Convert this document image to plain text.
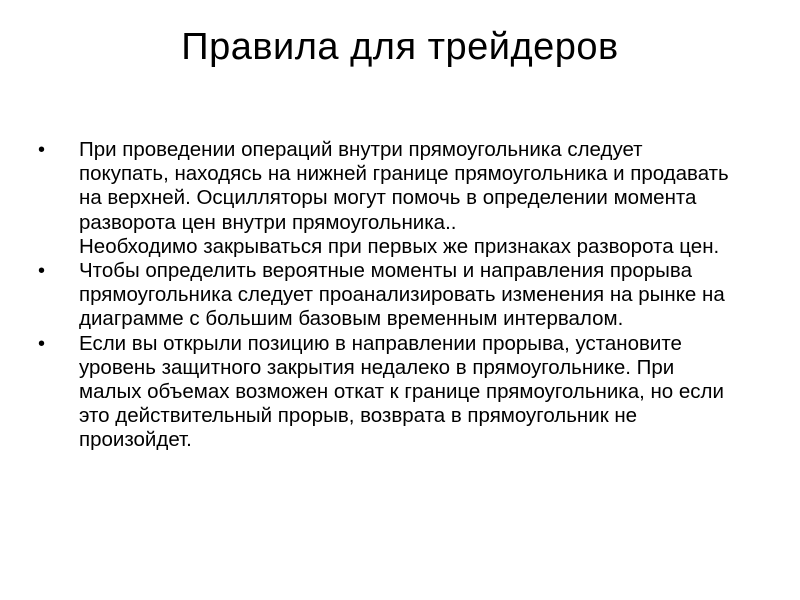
Правила для трейдеров
•	При проведении операций внутри прямоугольника следует покупать, находясь на нижней границе прямоугольника и продавать на верхней. Осцилляторы могут помочь в определении момента разворота цен внутри прямоугольника..
Необходимо закрываться при первых же признаках разворота цен.
•	Чтобы определить вероятные моменты и направления прорыва прямоугольника следует проанализировать изменения на рынке на диаграмме с большим базовым временным интервалом.
•	Если вы открыли позицию в направлении прорыва, установите уровень защитного закрытия недалеко в прямоугольнике. При малых объемах возможен откат к границе прямоугольника, но если это действительный прорыв, возврата в прямоугольник не произойдет.
